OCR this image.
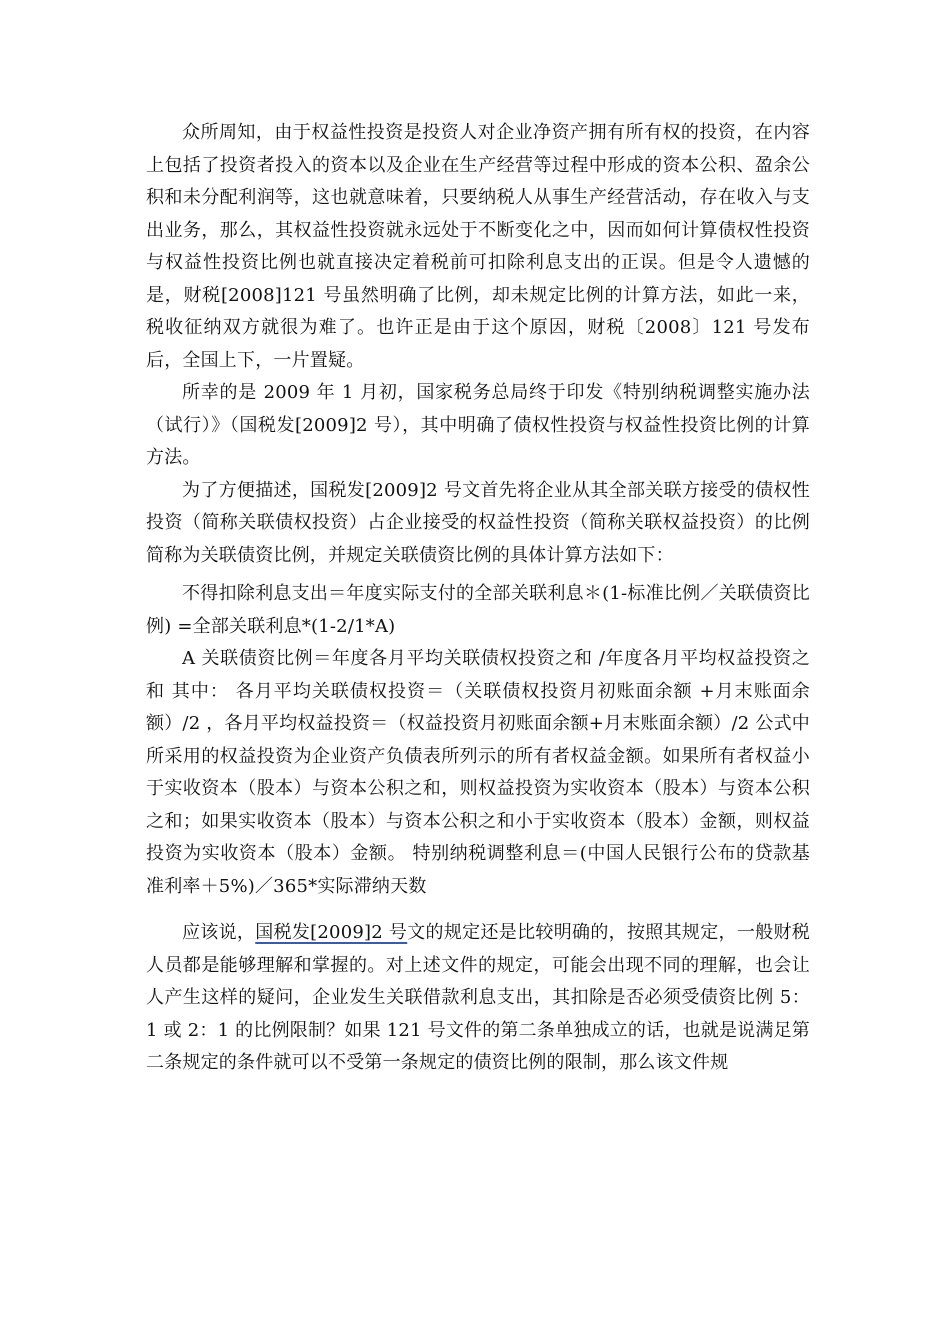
众所周知，由于权益性投资是投资人对企业净资产拥有所有权的投资，在内容上包括了投资者投入的资本以及企业在生产经营等过程中形成的资本公积、盈余公积和未分配利润等，这也就意味着，只要纳税人从事生产经营活动，存在收入与支出业务，那么，其权益性投资就永远处于不断变化之中，因而如何计算债权性投资与权益性投资比例也就直接决定着税前可扣除利息支出的正误。但是令人遗憾的是，财税[2008]121 号虽然明确了比例，却未规定比例的计算方法，如此一来，税收征纳双方就很为难了。也许正是由于这个原因，财税〔2008〕121 号发布后，全国上下，一片置疑。

所幸的是 2009 年 1 月初，国家税务总局终于印发《特别纳税调整实施办法（试行）》（国税发[2009]2 号），其中明确了债权性投资与权益性投资比例的计算方法。

为了方便描述，国税发[2009]2 号文首先将企业从其全部关联方接受的债权性投资（简称关联债权投资）占企业接受的权益性投资（简称关联权益投资）的比例简称为关联债资比例，并规定关联债资比例的具体计算方法如下：

不得扣除利息支出＝年度实际支付的全部关联利息＊(1-标准比例／关联债资比例) =全部关联利息*(1-2/1*A)

A 关联债资比例＝年度各月平均关联债权投资之和 /年度各月平均权益投资之和 其中： 各月平均关联债权投资＝（关联债权投资月初账面余额 +月末账面余额）/2 ，各月平均权益投资＝（权益投资月初账面余额+月末账面余额）/2 公式中所采用的权益投资为企业资产负债表所列示的所有者权益金额。如果所有者权益小于实收资本（股本）与资本公积之和，则权益投资为实收资本（股本）与资本公积之和；如果实收资本（股本）与资本公积之和小于实收资本（股本）金额，则权益投资为实收资本（股本）金额。 特别纳税调整利息＝(中国人民银行公布的贷款基准利率＋5%)／365*实际滞纳天数

应该说，国税发[2009]2 号文的规定还是比较明确的，按照其规定，一般财税人员都是能够理解和掌握的。对上述文件的规定，可能会出现不同的理解，也会让人产生这样的疑问，企业发生关联借款利息支出，其扣除是否必须受债资比例 5：1 或 2：1 的比例限制？如果 121 号文件的第二条单独成立的话，也就是说满足第二条规定的条件就可以不受第一条规定的债资比例的限制，那么该文件规
